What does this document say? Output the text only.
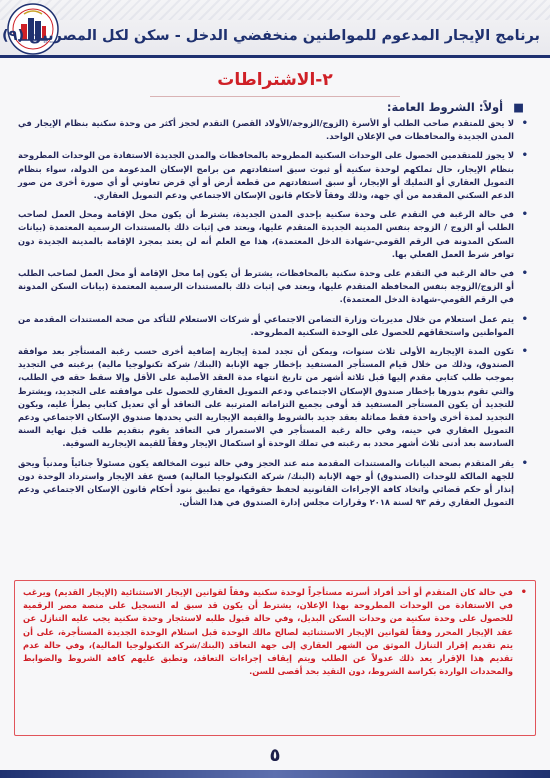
برنامج الإيجار المدعوم للمواطنين منخفضي الدخل - سكن لكل المصريين (٩)
٢-الاشتراطات
■ أولاً: الشروط العامة:
•
لا يحق للمتقدم صاحب الطلب أو الأسرة (الزوج/الزوجة/الأولاد القصر) التقدم لحجز أكثر من وحدة سكنية بنظام الإيجار في المدن الجديدة والمحافظات في الإعلان الواحد.
•
لا يجوز للمتقدمين الحصول على الوحدات السكنية المطروحة بالمحافظات والمدن الجديدة الاستفادة من الوحدات المطروحة بنظام الإيجار، حال تملكهم لوحدة سكنية أو ثبوت سبق استفادتهم من برامج الإسكان المدعومة من الدولة، سواء بنظام التمويل العقاري أو التمليك أو الإيجار، أو سبق استفادتهم من قطعة أرض أو أي قرض تعاوني أو أي صورة أخرى من صور الدعم السكني المقدمة من أي جهة، وذلك وفقاً لأحكام قانون الإسكان الاجتماعي ودعم التمويل العقاري.
•
في حالة الرغبة في التقدم على وحدة سكنية بإحدى المدن الجديدة، يشترط أن يكون محل الإقامة ومحل العمل لصاحب الطلب أو الزوج / الزوجة بنفس المدينة الجديدة المتقدم عليها، ويعتد في إثبات ذلك بالمستندات الرسمية المعتمدة (بيانات السكن المدونة في الرقم القومي-شهادة الدخل المعتمدة)، هذا مع العلم أنه لن يعتد بمجرد الإقامة بالمدينة الجديدة دون توافر شرط العمل الفعلي بها.
•
في حالة الرغبة في التقدم على وحدة سكنية بالمحافظات، يشترط أن يكون إما محل الإقامة أو محل العمل لصاحب الطلب أو الزوج/الزوجة بنفس المحافظة المتقدم عليها، ويعتد في إثبات ذلك بالمستندات الرسمية المعتمدة (بيانات السكن المدونة في الرقم القومي-شهادة الدخل المعتمدة).
•
يتم عمل استعلام من خلال مديريات وزارة التضامن الاجتماعي أو شركات الاستعلام للتأكد من صحة المستندات المقدمة من المواطنين واستحقاقهم للحصول على الوحدة السكنية المطروحة.
•
تكون المدة الإيجارية الأولى ثلاث سنوات، ويمكن أن تجدد لمدة إيجارية إضافية أخرى حسب رغبة المستأجر بعد موافقة الصندوق، وذلك من خلال قيام المستأجر المستفيد بإخطار جهة الإنابة (البنك/ شركة تكنولوجيا مالية) برغبته في التجديد بموجب طلب كتابي مقدم إليها قبل ثلاثة أشهر من تاريخ انتهاء مدة العقد الأصلية على الأقل وإلا سقط حقه في الطلب، والتي تقوم بدورها بإخطار صندوق الإسكان الاجتماعي ودعم التمويل العقاري للحصول على موافقته على التجديد، ويشترط للتجديد أن يكون المستأجر المستفيد قد أوفى بجميع التزاماته المترتبة على التعاقد أو أي تعديل كتابي يطرأ عليه، ويكون التجديد لمدة أخرى واحدة فقط مماثلة بعقد جديد بالشروط والقيمة الإيجارية التي يحددها صندوق الإسكان الاجتماعي ودعم التمويل العقاري في حينه، وفي حالة رغبة المستأجر في الاستمرار في التعاقد يقوم بتقديم طلب قبل نهاية السنة السادسة بعد أدنى ثلاث أشهر محدد به رغبته في تملك الوحدة أو استكمال الإيجار وفقاً للقيمة الإيجارية السوقية.
•
يقر المتقدم بصحة البيانات والمستندات المقدمة منه عند الحجز وفي حالة ثبوت المخالفة يكون مسئولاً جنائياً ومدنياً ويحق للجهة المالكة للوحدات (الصندوق) أو جهة الإنابة (البنك/ شركة التكنولوجيا المالية) فسخ عقد الإيجار واسترداد الوحدة دون إنذار أو حكم قضائي واتخاذ كافة الإجراءات القانونية لحفظ حقوقها، مع تطبيق بنود أحكام قانون الإسكان الاجتماعي ودعم التمويل العقاري رقم ٩٣ لسنة ٢٠١٨ وقرارات مجلس إدارة الصندوق في هذا الشأن.
•
في حالة كان المتقدم أو أحد أفراد أسرته مستأجراً لوحدة سكنية وفقاً لقوانين الإيجار الاستثنائية (الإيجار القديم) ويرغب في الاستفادة من الوحدات المطروحة بهذا الإعلان، يشترط أن يكون قد سبق له التسجيل على منصة مصر الرقمية للحصول على وحدة سكنية من وحدات السكن البديل، وفي حالة قبول طلبه لاستئجار وحدة سكنية يجب عليه التنازل عن عقد الإيجار المحرر وفقاً لقوانين الإيجار الاستثنائية لصالح مالك الوحدة قبل استلام الوحدة الجديدة المستأجرة، على أن يتم تقديم إقرار التنازل الموثق من الشهر العقاري إلى جهة التعاقد (البنك/شركة التكنولوجيا المالية)، وفي حالة عدم تقديم هذا الإقرار يعد ذلك عدولاً عن الطلب ويتم إيقاف إجراءات التعاقد، وتطبق عليهم كافة الشروط والضوابط والمحددات الواردة بكراسة الشروط، دون التقيد بحد أقصى للسن.
٥
